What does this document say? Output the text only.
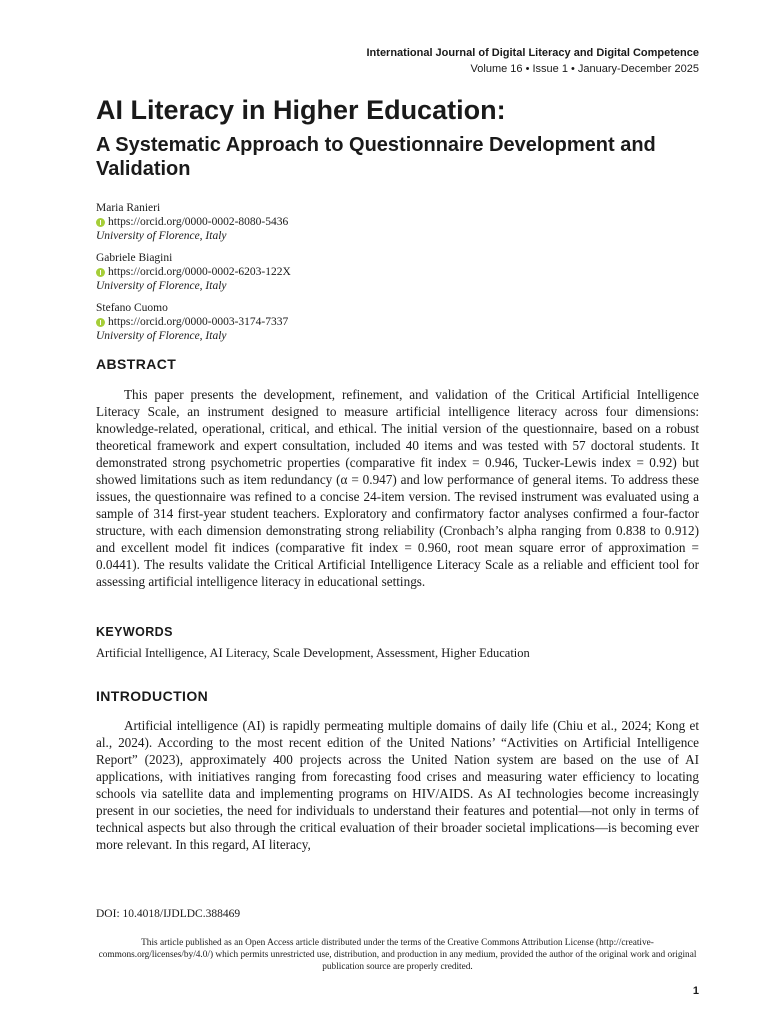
International Journal of Digital Literacy and Digital Competence
Volume 16 • Issue 1 • January-December 2025
AI Literacy in Higher Education:
A Systematic Approach to Questionnaire Development and Validation
Maria Ranieri
https://orcid.org/0000-0002-8080-5436
University of Florence, Italy
Gabriele Biagini
https://orcid.org/0000-0002-6203-122X
University of Florence, Italy
Stefano Cuomo
https://orcid.org/0000-0003-3174-7337
University of Florence, Italy
ABSTRACT

This paper presents the development, refinement, and validation of the Critical Artificial Intelligence Literacy Scale, an instrument designed to measure artificial intelligence literacy across four dimensions: knowledge-related, operational, critical, and ethical. The initial version of the questionnaire, based on a robust theoretical framework and expert consultation, included 40 items and was tested with 57 doctoral students. It demonstrated strong psychometric properties (comparative fit index = 0.946, Tucker-Lewis index = 0.92) but showed limitations such as item redundancy (α = 0.947) and low performance of general items. To address these issues, the questionnaire was refined to a concise 24-item version. The revised instrument was evaluated using a sample of 314 first-year student teachers. Exploratory and confirmatory factor analyses confirmed a four-factor structure, with each dimension demonstrating strong reliability (Cronbach’s alpha ranging from 0.838 to 0.912) and excellent model fit indices (comparative fit index = 0.960, root mean square error of approximation = 0.0441). The results validate the Critical Artificial Intelligence Literacy Scale as a reliable and efficient tool for assessing artificial intelligence literacy in educational settings.

KEYWORDS

Artificial Intelligence, AI Literacy, Scale Development, Assessment, Higher Education

INTRODUCTION

Artificial intelligence (AI) is rapidly permeating multiple domains of daily life (Chiu et al., 2024; Kong et al., 2024). According to the most recent edition of the United Nations’ “Activities on Artificial Intelligence Report” (2023), approximately 400 projects across the United Nation system are based on the use of AI applications, with initiatives ranging from forecasting food crises and measuring water efficiency to locating schools via satellite data and implementing programs on HIV/AIDS. As AI technologies become increasingly present in our societies, the need for individuals to understand their features and potential—not only in terms of technical aspects but also through the critical evaluation of their broader societal implications—is becoming ever more relevant. In this regard, AI literacy,

DOI: 10.4018/IJDLDC.388469

This article published as an Open Access article distributed under the terms of the Creative Commons Attribution License (http://creative-commons.org/licenses/by/4.0/) which permits unrestricted use, distribution, and production in any medium, provided the author of the original work and original publication source are properly credited.

1
